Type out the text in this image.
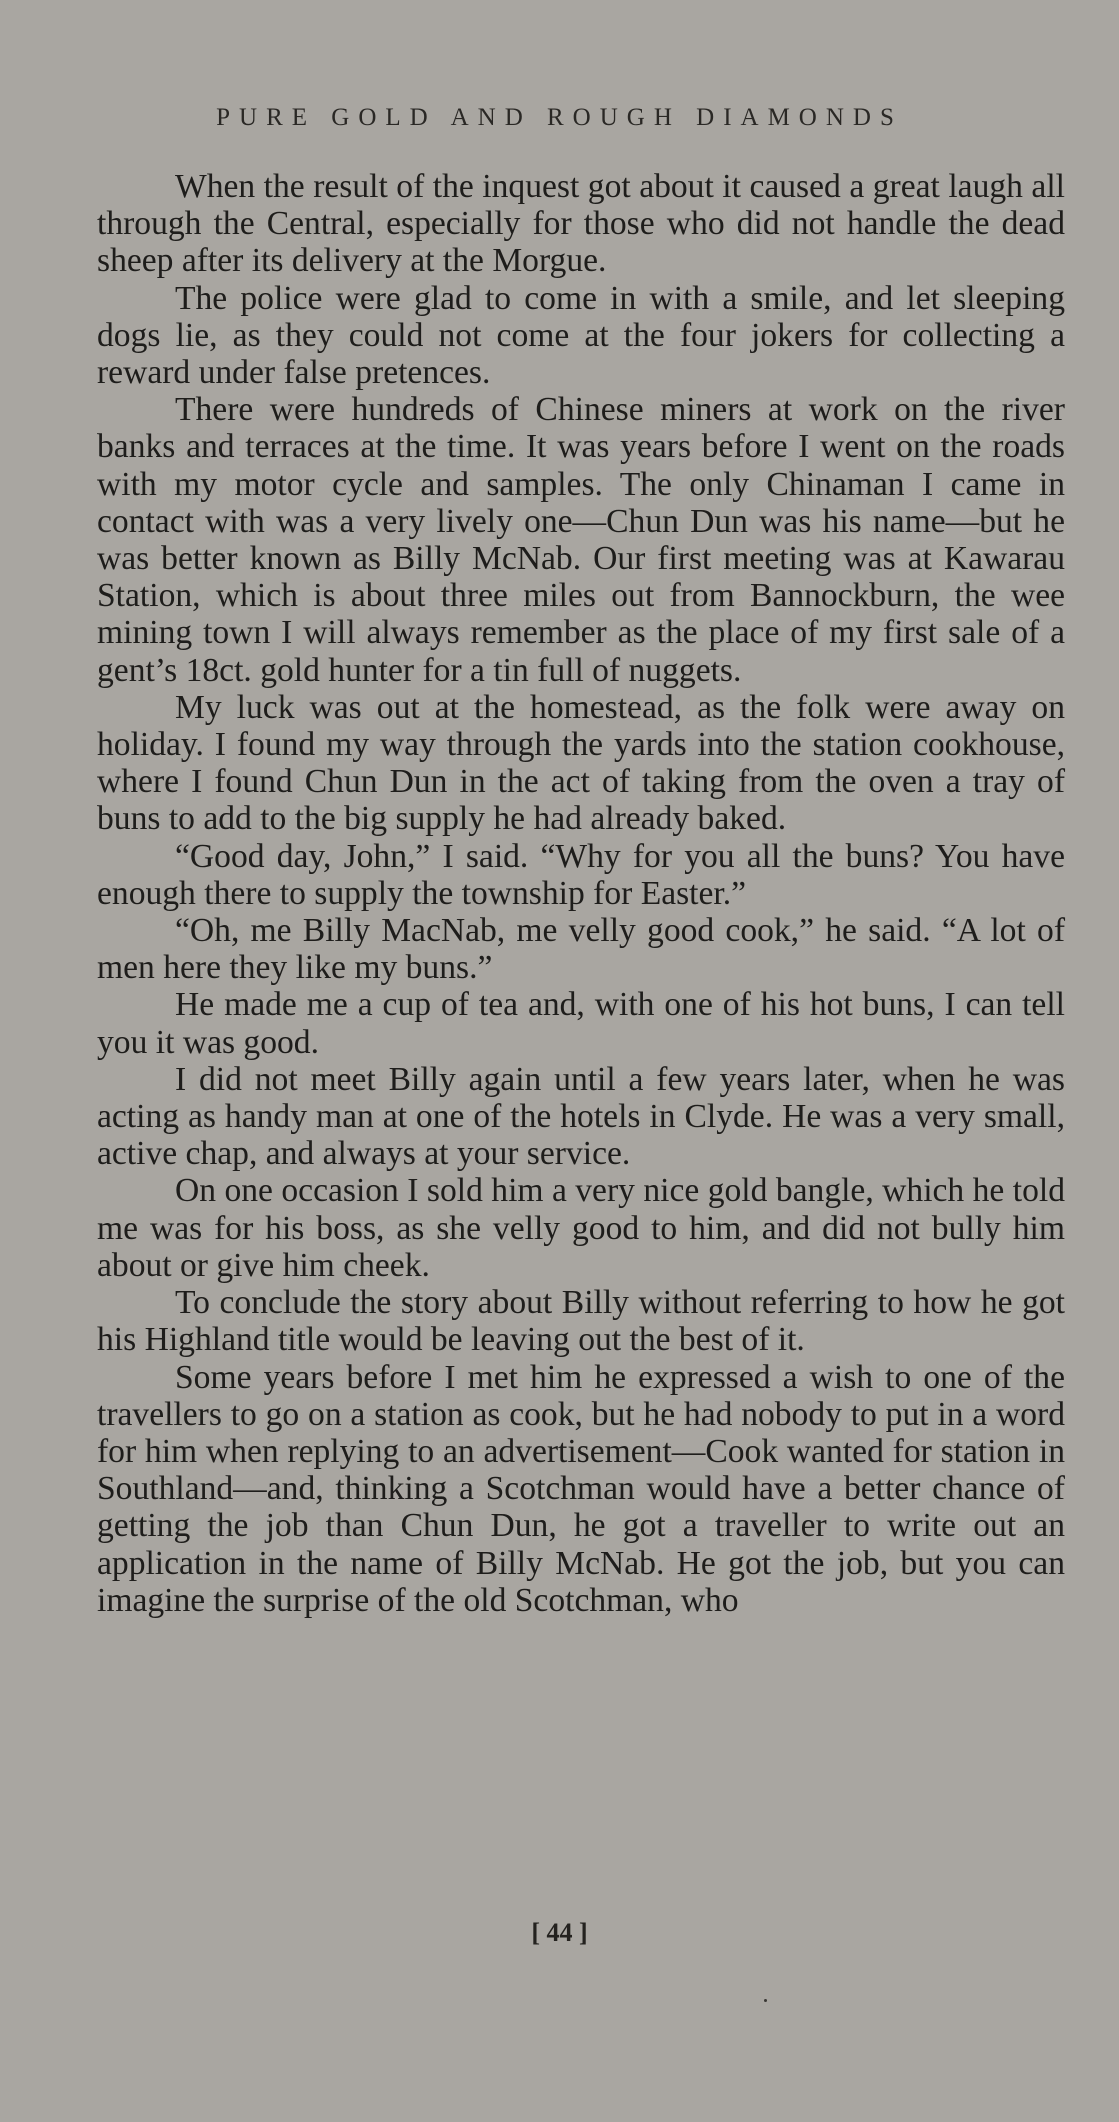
PURE GOLD AND ROUGH DIAMONDS

When the result of the inquest got about it caused a great laugh all through the Central, especially for those who did not handle the dead sheep after its delivery at the Morgue.

The police were glad to come in with a smile, and let sleeping dogs lie, as they could not come at the four jokers for collecting a reward under false pretences.

There were hundreds of Chinese miners at work on the river banks and terraces at the time. It was years before I went on the roads with my motor cycle and samples. The only Chinaman I came in contact with was a very lively one—Chun Dun was his name—but he was better known as Billy McNab. Our first meeting was at Kawarau Station, which is about three miles out from Bannockburn, the wee mining town I will always remember as the place of my first sale of a gent’s 18ct. gold hunter for a tin full of nuggets.

My luck was out at the homestead, as the folk were away on holiday. I found my way through the yards into the station cookhouse, where I found Chun Dun in the act of taking from the oven a tray of buns to add to the big supply he had already baked.

“Good day, John,” I said. “Why for you all the buns? You have enough there to supply the township for Easter.”

“Oh, me Billy MacNab, me velly good cook,” he said. “A lot of men here they like my buns.”

He made me a cup of tea and, with one of his hot buns, I can tell you it was good.

I did not meet Billy again until a few years later, when he was acting as handy man at one of the hotels in Clyde. He was a very small, active chap, and always at your service.

On one occasion I sold him a very nice gold bangle, which he told me was for his boss, as she velly good to him, and did not bully him about or give him cheek.

To conclude the story about Billy without referring to how he got his Highland title would be leaving out the best of it.

Some years before I met him he expressed a wish to one of the travellers to go on a station as cook, but he had nobody to put in a word for him when replying to an advertisement—Cook wanted for station in Southland—and, thinking a Scotchman would have a better chance of getting the job than Chun Dun, he got a traveller to write out an application in the name of Billy McNab. He got the job, but you can imagine the surprise of the old Scotchman, who

[ 44 ]
